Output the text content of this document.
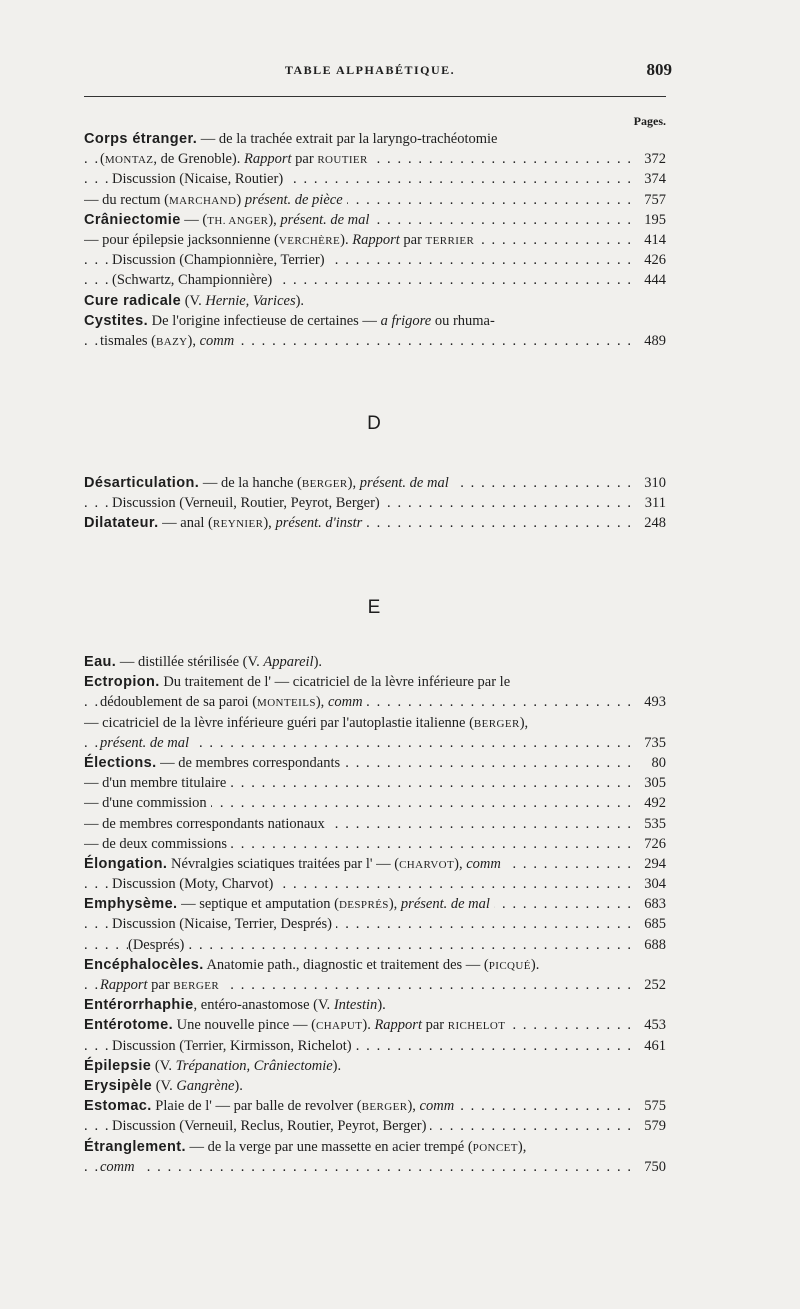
TABLE ALPHABÉTIQUE.	809
Pages.
Corps étranger. — de la trachée extrait par la laryngo-trachéotomie
. . . (MONTAZ, de Grenoble). Rapport par ROUTIER	372
. . . Discussion (Nicaise, Routier)	374
. . . — du rectum (MARCHAND) présent. de pièce	757
. . . Crâniectomie — (TH. ANGER), présent. de mal	195
. . . — pour épilepsie jacksonnienne (VERCHÈRE). Rapport par TERRIER	414
. . . Discussion (Championnière, Terrier)	426
. . . (Schwartz, Championnière)	444
Cure radicale (V. Hernie, Varices).
Cystites. De l'origine infectieuse de certaines — a frigore ou rhuma-
. . . tismales (BAZY), comm	489
D
. . . Désarticulation. — de la hanche (BERGER), présent. de mal	310
. . . Discussion (Verneuil, Routier, Peyrot, Berger)	311
. . . Dilatateur. — anal (REYNIER), présent. d'instr	248
E
Eau. — distillée stérilisée (V. Appareil).
Ectropion. Du traitement de l' — cicatriciel de la lèvre inférieure par le
. . . dédoublement de sa paroi (MONTEILS), comm	493
— cicatriciel de la lèvre inférieure guéri par l'autoplastie italienne (BERGER),
. . . présent. de mal	735
. . . Élections. — de membres correspondants	80
. . . — d'un membre titulaire	305
. . . — d'une commission	492
. . . — de membres correspondants nationaux	535
. . . — de deux commissions	726
. . . Élongation. Névralgies sciatiques traitées par l' — (CHARVOT), comm	294
. . . Discussion (Moty, Charvot)	304
. . . Emphysème. — septique et amputation (DESPRÉS), présent. de mal	683
. . . Discussion (Nicaise, Terrier, Després)	685
. . . (Després)	688
Encéphalocèles. Anatomie path., diagnostic et traitement des — (PICQUÉ).
. . . Rapport par BERGER	252
Entérorrhaphie, entéro-anastomose (V. Intestin).
. . . Entérotome. Une nouvelle pince — (CHAPUT). Rapport par RICHELOT	453
. . . Discussion (Terrier, Kirmisson, Richelot)	461
Épilepsie (V. Trépanation, Crâniectomie).
Erysipèle (V. Gangrène).
. . . Estomac. Plaie de l' — par balle de revolver (BERGER), comm	575
. . . Discussion (Verneuil, Reclus, Routier, Peyrot, Berger)	579
Étranglement. — de la verge par une massette en acier trempé (PONCET),
. . . comm	750
